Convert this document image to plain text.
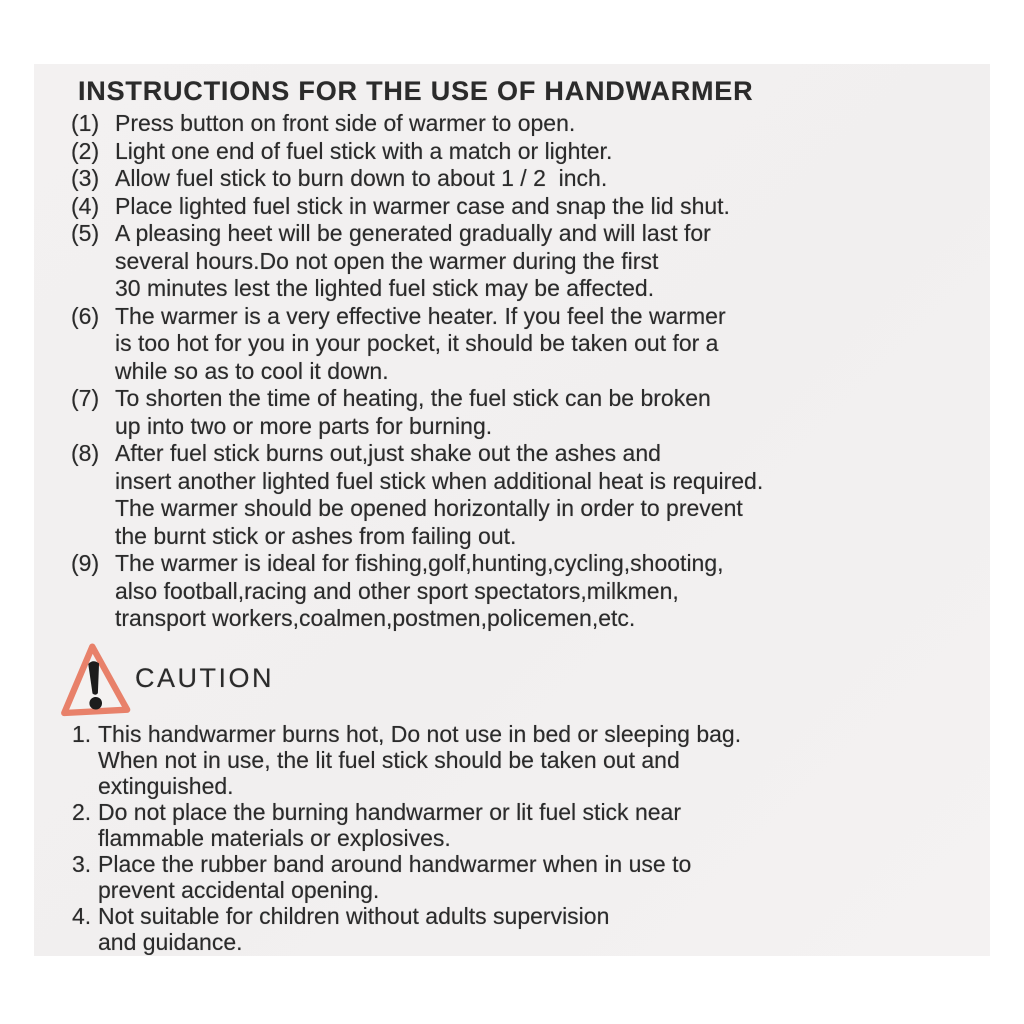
INSTRUCTIONS FOR THE USE OF HANDWARMER
(1) Press button on front side of warmer to open.
(2) Light one end of fuel stick with a match or lighter.
(3) Allow fuel stick to burn down to about 1 / 2  inch.
(4) Place lighted fuel stick in warmer case and snap the lid shut.
(5) A pleasing heet will be generated gradually and will last for
several hours.Do not open the warmer during the first
30 minutes lest the lighted fuel stick may be affected.
(6) The warmer is a very effective heater. If you feel the warmer
is too hot for you in your pocket, it should be taken out for a
while so as to cool it down.
(7) To shorten the time of heating, the fuel stick can be broken
up into two or more parts for burning.
(8) After fuel stick burns out,just shake out the ashes and
insert another lighted fuel stick when additional heat is required.
The warmer should be opened horizontally in order to prevent
the burnt stick or ashes from failing out.
(9) The warmer is ideal for fishing,golf,hunting,cycling,shooting,
also football,racing and other sport spectators,milkmen,
transport workers,coalmen,postmen,policemen,etc.
CAUTION
1. This handwarmer burns hot, Do not use in bed or sleeping bag.
When not in use, the lit fuel stick should be taken out and
extinguished.
2. Do not place the burning handwarmer or lit fuel stick near
flammable materials or explosives.
3. Place the rubber band around handwarmer when in use to
prevent accidental opening.
4. Not suitable for children without adults supervision
and guidance.
